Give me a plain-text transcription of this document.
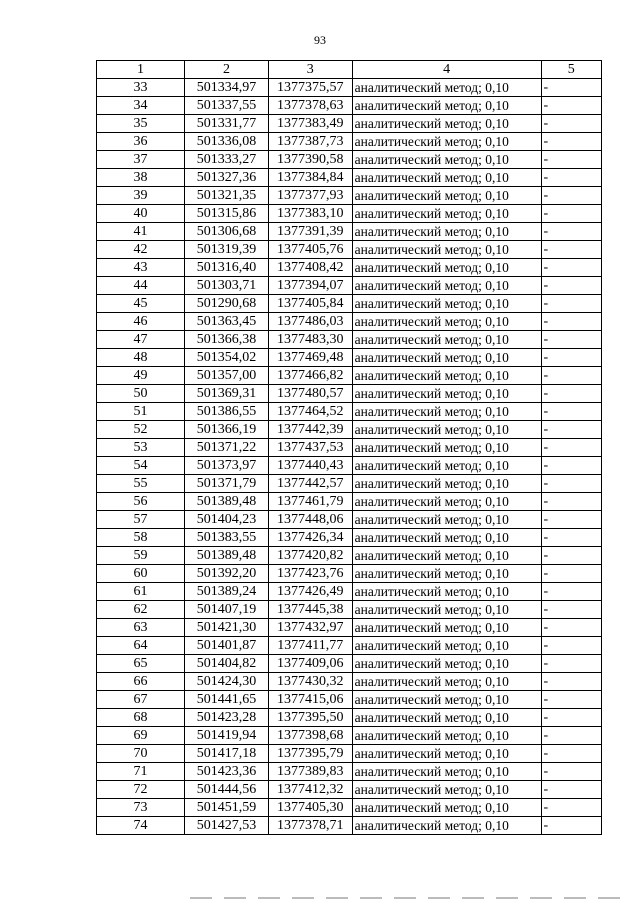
93
1	2	3	4	5
33	501334,97	1377375,57	аналитический метод; 0,10	-
34	501337,55	1377378,63	аналитический метод; 0,10	-
35	501331,77	1377383,49	аналитический метод; 0,10	-
36	501336,08	1377387,73	аналитический метод; 0,10	-
37	501333,27	1377390,58	аналитический метод; 0,10	-
38	501327,36	1377384,84	аналитический метод; 0,10	-
39	501321,35	1377377,93	аналитический метод; 0,10	-
40	501315,86	1377383,10	аналитический метод; 0,10	-
41	501306,68	1377391,39	аналитический метод; 0,10	-
42	501319,39	1377405,76	аналитический метод; 0,10	-
43	501316,40	1377408,42	аналитический метод; 0,10	-
44	501303,71	1377394,07	аналитический метод; 0,10	-
45	501290,68	1377405,84	аналитический метод; 0,10	-
46	501363,45	1377486,03	аналитический метод; 0,10	-
47	501366,38	1377483,30	аналитический метод; 0,10	-
48	501354,02	1377469,48	аналитический метод; 0,10	-
49	501357,00	1377466,82	аналитический метод; 0,10	-
50	501369,31	1377480,57	аналитический метод; 0,10	-
51	501386,55	1377464,52	аналитический метод; 0,10	-
52	501366,19	1377442,39	аналитический метод; 0,10	-
53	501371,22	1377437,53	аналитический метод; 0,10	-
54	501373,97	1377440,43	аналитический метод; 0,10	-
55	501371,79	1377442,57	аналитический метод; 0,10	-
56	501389,48	1377461,79	аналитический метод; 0,10	-
57	501404,23	1377448,06	аналитический метод; 0,10	-
58	501383,55	1377426,34	аналитический метод; 0,10	-
59	501389,48	1377420,82	аналитический метод; 0,10	-
60	501392,20	1377423,76	аналитический метод; 0,10	-
61	501389,24	1377426,49	аналитический метод; 0,10	-
62	501407,19	1377445,38	аналитический метод; 0,10	-
63	501421,30	1377432,97	аналитический метод; 0,10	-
64	501401,87	1377411,77	аналитический метод; 0,10	-
65	501404,82	1377409,06	аналитический метод; 0,10	-
66	501424,30	1377430,32	аналитический метод; 0,10	-
67	501441,65	1377415,06	аналитический метод; 0,10	-
68	501423,28	1377395,50	аналитический метод; 0,10	-
69	501419,94	1377398,68	аналитический метод; 0,10	-
70	501417,18	1377395,79	аналитический метод; 0,10	-
71	501423,36	1377389,83	аналитический метод; 0,10	-
72	501444,56	1377412,32	аналитический метод; 0,10	-
73	501451,59	1377405,30	аналитический метод; 0,10	-
74	501427,53	1377378,71	аналитический метод; 0,10	-
